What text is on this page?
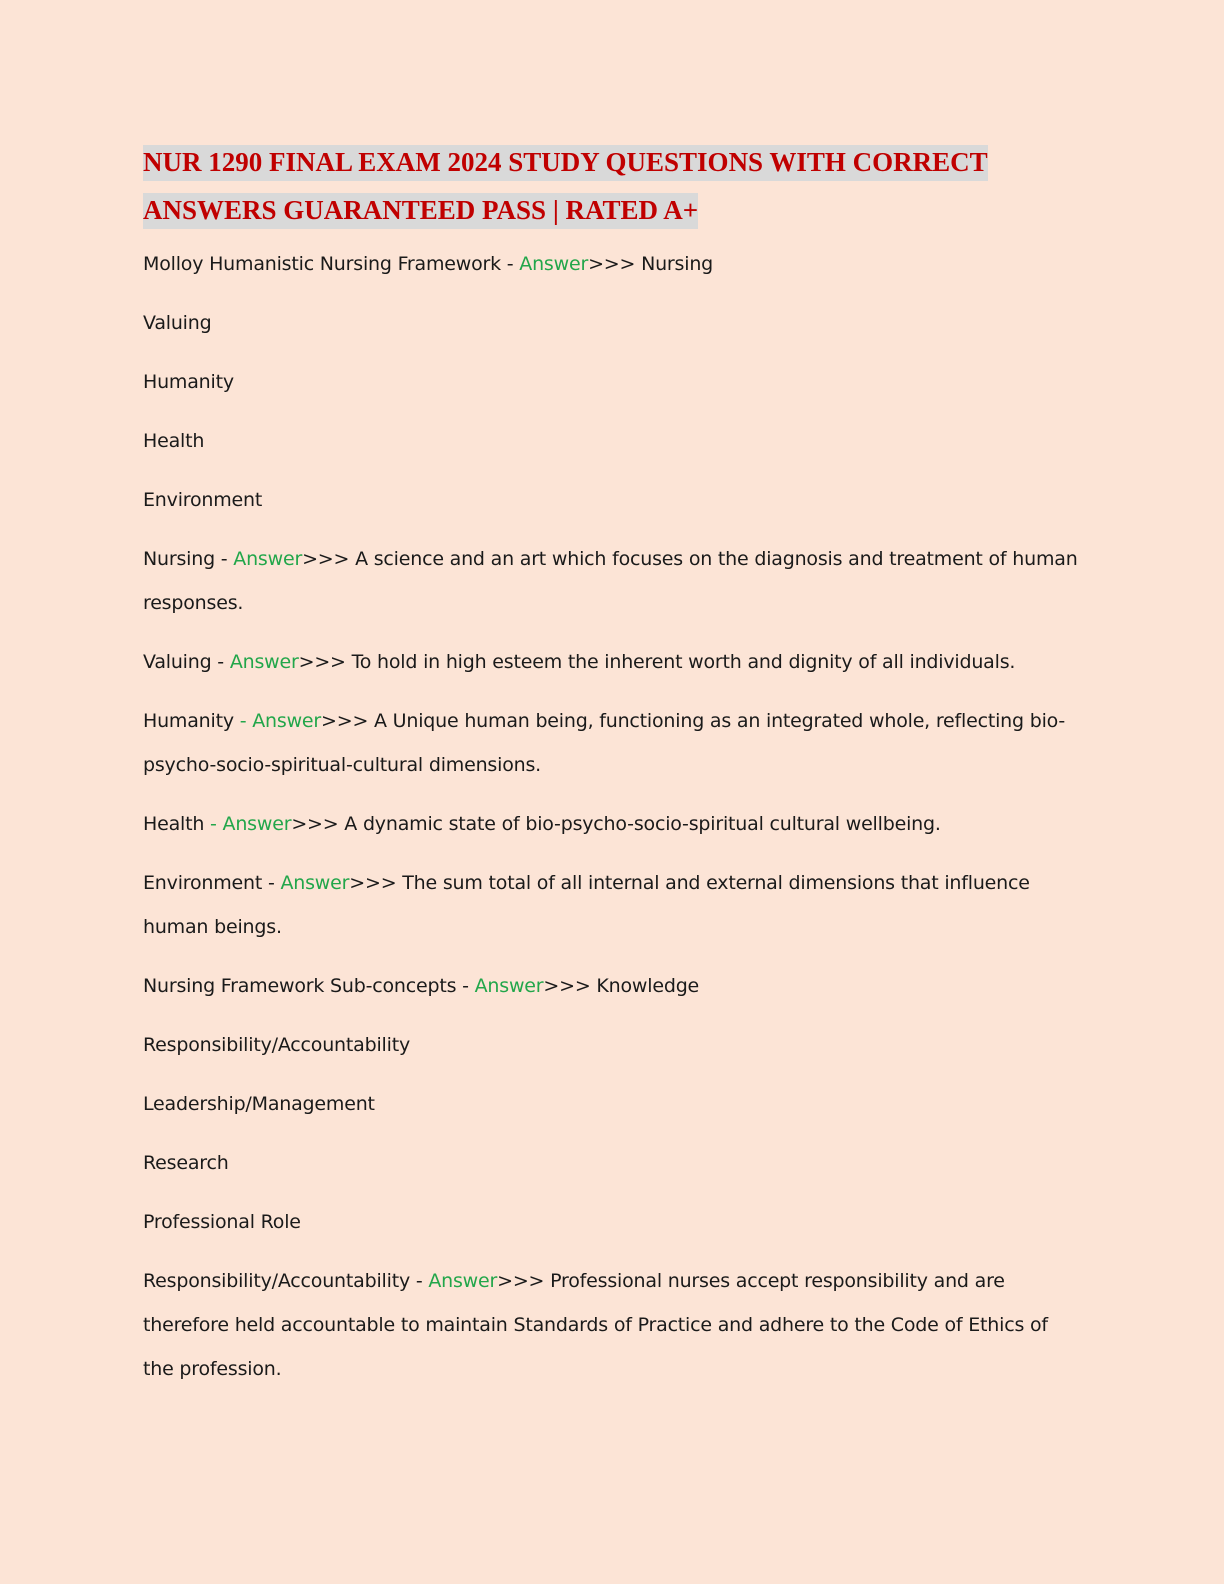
NUR 1290 FINAL EXAM 2024 STUDY QUESTIONS WITH CORRECT
ANSWERS GUARANTEED PASS | RATED A+

Molloy Humanistic Nursing Framework - Answer>>> Nursing

Valuing

Humanity

Health

Environment

Nursing - Answer>>> A science and an art which focuses on the diagnosis and treatment of human responses.

Valuing - Answer>>> To hold in high esteem the inherent worth and dignity of all individuals.

Humanity - Answer>>> A Unique human being, functioning as an integrated whole, reflecting bio-psycho-socio-spiritual-cultural dimensions.

Health - Answer>>> A dynamic state of bio-psycho-socio-spiritual cultural wellbeing.

Environment - Answer>>> The sum total of all internal and external dimensions that influence human beings.

Nursing Framework Sub-concepts - Answer>>> Knowledge

Responsibility/Accountability

Leadership/Management

Research

Professional Role

Responsibility/Accountability - Answer>>> Professional nurses accept responsibility and are therefore held accountable to maintain Standards of Practice and adhere to the Code of Ethics of the profession.
